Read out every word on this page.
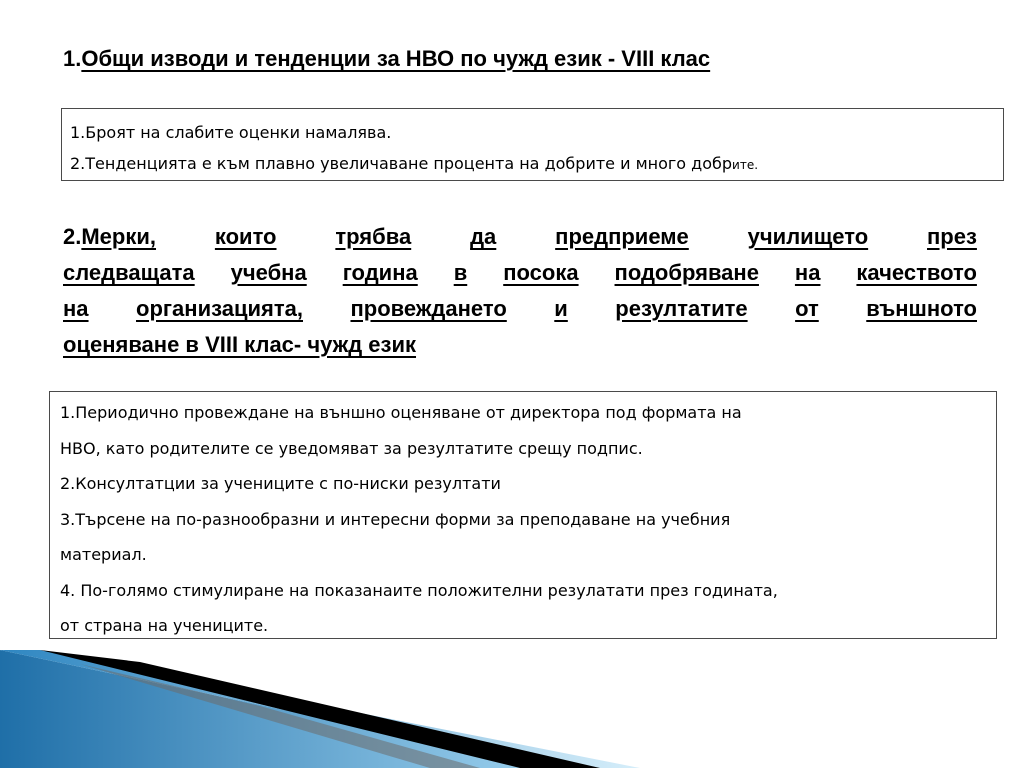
1.Общи изводи и тенденции за НВО по чужд език - VIII клас

1.Броят на слабите оценки намалява.

2.Тенденцията е към плавно увеличаване процента на добрите и много добрите.

2.Мерки,	които	трябва	да	предприеме	училището	през
следващата учебна година в посока подобряване на качеството
на организацията, провеждането и резултатите от външното
оценяване в VIII клас- чужд език

1.Периодично провеждане на външно оценяване от директора под формата на

НВО, като родителите се уведомяват за резултатите срещу подпис.

2.Консултатции за учениците с по-ниски резултати

3.Търсене на по-разнообразни и интересни форми за преподаване на учебния

материал.

4. По-голямо стимулиране на показанаите положителни резулатати през годината,

от страна на учениците.
